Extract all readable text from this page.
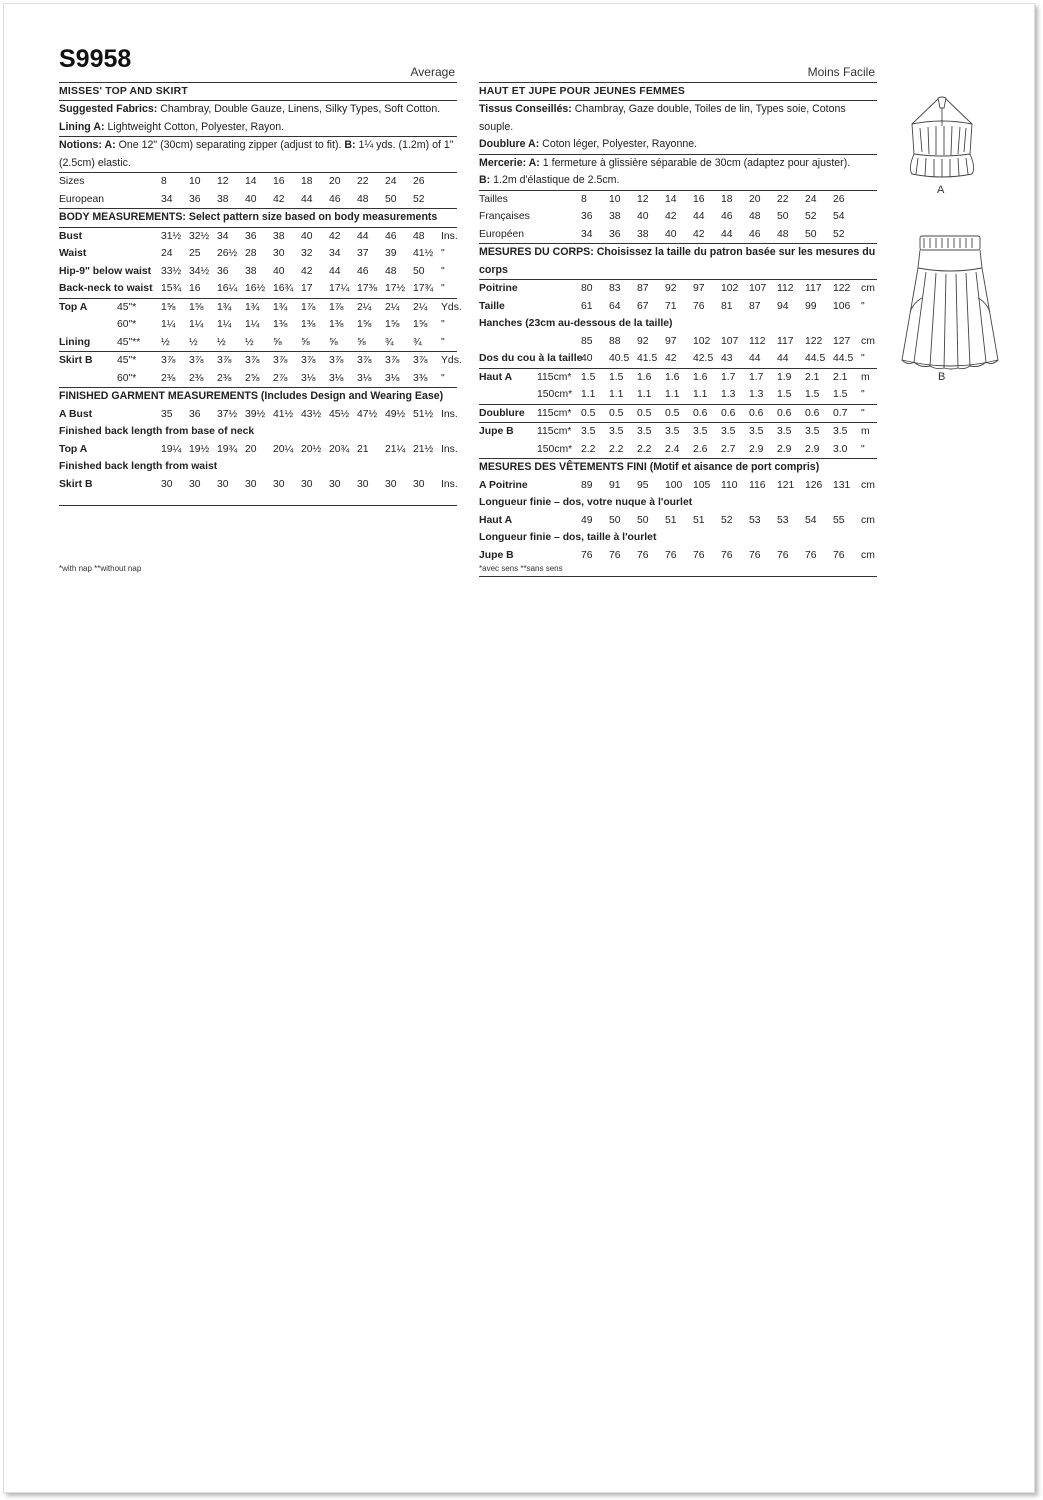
S9958	Average
MISSES' TOP AND SKIRT
Suggested Fabrics: Chambray, Double Gauze, Linens, Silky Types, Soft Cotton. Lining A: Lightweight Cotton, Polyester, Rayon.
Notions: A: One 12" (30cm) separating zipper (adjust to fit). B: 1¼ yds. (1.2m) of 1" (2.5cm) elastic.
Sizes	8	10	12	14	16	18	20	22	24	26	
European	34	36	38	40	42	44	46	48	50	52	
BODY MEASUREMENTS: Select pattern size based on body measurements
Bust		31½	32½	34	36	38	40	42	44	46	48	Ins.
Waist		24	25	26½	28	30	32	34	37	39	41½	"
Hip-9" below waist		33½	34½	36	38	40	42	44	46	48	50	"
Back-neck to waist		15¾	16	16¼	16½	16¾	17	17¼	17⅜	17½	17¾	"
Top A	45"*	1⅝	1⅝	1¾	1¾	1¾	1⅞	1⅞	2¼	2¼	2¼	Yds.
	60"*	1¼	1¼	1¼	1¼	1⅜	1⅜	1⅜	1⅝	1⅝	1⅝	"
Lining	45"**	½	½	½	½	⅝	⅝	⅝	⅝	¾	¾	"
Skirt B	45"*	3⅞	3⅞	3⅞	3⅞	3⅞	3⅞	3⅞	3⅞	3⅞	3⅞	Yds.
	60"*	2⅜	2⅜	2⅜	2⅝	2⅞	3⅛	3⅛	3⅛	3⅛	3⅜	"
FINISHED GARMENT MEASUREMENTS (Includes Design and Wearing Ease)
A Bust		35	36	37½	39½	41½	43½	45½	47½	49½	51½	Ins.
Finished back length from base of neck												
Top A		19¼	19½	19¾	20	20¼	20½	20¾	21	21¼	21½	Ins.
Finished back length from waist												
Skirt B		30	30	30	30	30	30	30	30	30	30	Ins.
Moins Facile
HAUT ET JUPE POUR JEUNES FEMMES
Tissus Conseillés: Chambray, Gaze double, Toiles de lin, Types soie, Cotons souple.
Doublure A: Coton léger, Polyester, Rayonne.
Mercerie: A: 1 fermeture à glissière séparable de 30cm (adaptez pour ajuster).
B: 1.2m d'élastique de 2.5cm.
Tailles	8	10	12	14	16	18	20	22	24	26	
Françaises	36	38	40	42	44	46	48	50	52	54	
Européen	34	36	38	40	42	44	46	48	50	52	
MESURES DU CORPS: Choisissez la taille du patron basée sur les mesures du corps
Poitrine		80	83	87	92	97	102	107	112	117	122	cm
Taille		61	64	67	71	76	81	87	94	99	106	"
Hanches (23cm au-dessous de la taille)												
		85	88	92	97	102	107	112	117	122	127	cm
Dos du cou à la taille		40	40.5	41.5	42	42.5	43	44	44	44.5	44.5	"
Haut A	115cm*	1.5	1.5	1.6	1.6	1.6	1.7	1.7	1.9	2.1	2.1	m
	150cm*	1.1	1.1	1.1	1.1	1.1	1.3	1.3	1.5	1.5	1.5	"
Doublure	115cm*	0.5	0.5	0.5	0.5	0.6	0.6	0.6	0.6	0.6	0.7	"
Jupe B	115cm*	3.5	3.5	3.5	3.5	3.5	3.5	3.5	3.5	3.5	3.5	m
	150cm*	2.2	2.2	2.2	2.4	2.6	2.7	2.9	2.9	2.9	3.0	"
MESURES DES VÊTEMENTS FINI (Motif et aisance de port compris)
A Poitrine		89	91	95	100	105	110	116	121	126	131	cm
Longueur finie – dos, votre nuque à l'ourlet												
Haut A		49	50	50	51	51	52	53	53	54	55	cm
Longueur finie – dos, taille à l'ourlet												
Jupe B		76	76	76	76	76	76	76	76	76	76	cm
*with nap **without nap	*avec sens **sans sens
A
B
